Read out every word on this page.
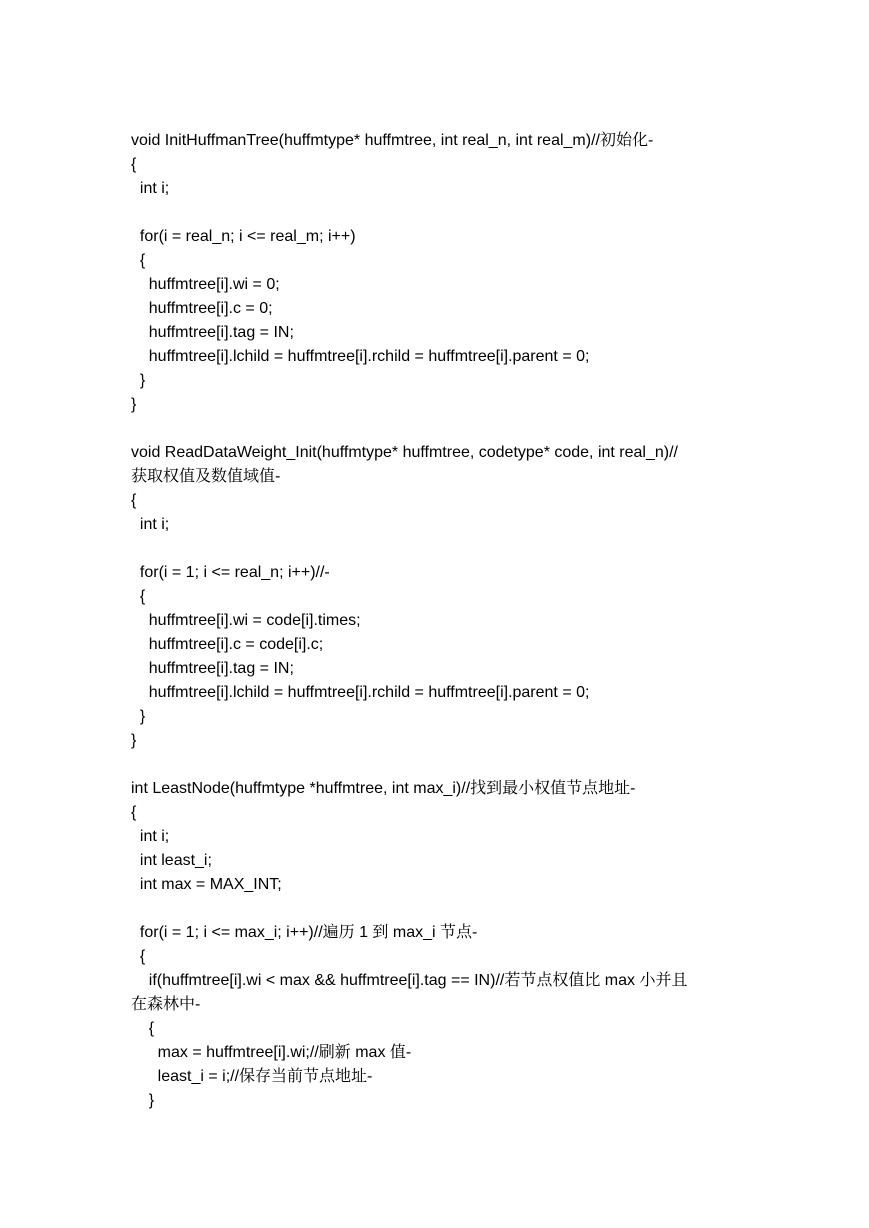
void InitHuffmanTree(huffmtype* huffmtree, int real_n, int real_m)//初始化-
{
int i;
for(i = real_n; i <= real_m; i++)
{
huffmtree[i].wi = 0;
huffmtree[i].c = 0;
huffmtree[i].tag = IN;
huffmtree[i].lchild = huffmtree[i].rchild = huffmtree[i].parent = 0;
}
}
void ReadDataWeight_Init(huffmtype* huffmtree, codetype* code, int real_n)//
获取权值及数值域值-
{
int i;
for(i = 1; i <= real_n; i++)//-
{
huffmtree[i].wi = code[i].times;
huffmtree[i].c = code[i].c;
huffmtree[i].tag = IN;
huffmtree[i].lchild = huffmtree[i].rchild = huffmtree[i].parent = 0;
}
}
int LeastNode(huffmtype *huffmtree, int max_i)//找到最小权值节点地址-
{
int i;
int least_i;
int max = MAX_INT;
for(i = 1; i <= max_i; i++)//遍历 1 到 max_i 节点-
{
if(huffmtree[i].wi < max && huffmtree[i].tag == IN)//若节点权值比 max 小并且
在森林中-
{
max = huffmtree[i].wi;//刷新 max 值-
least_i = i;//保存当前节点地址-
}
